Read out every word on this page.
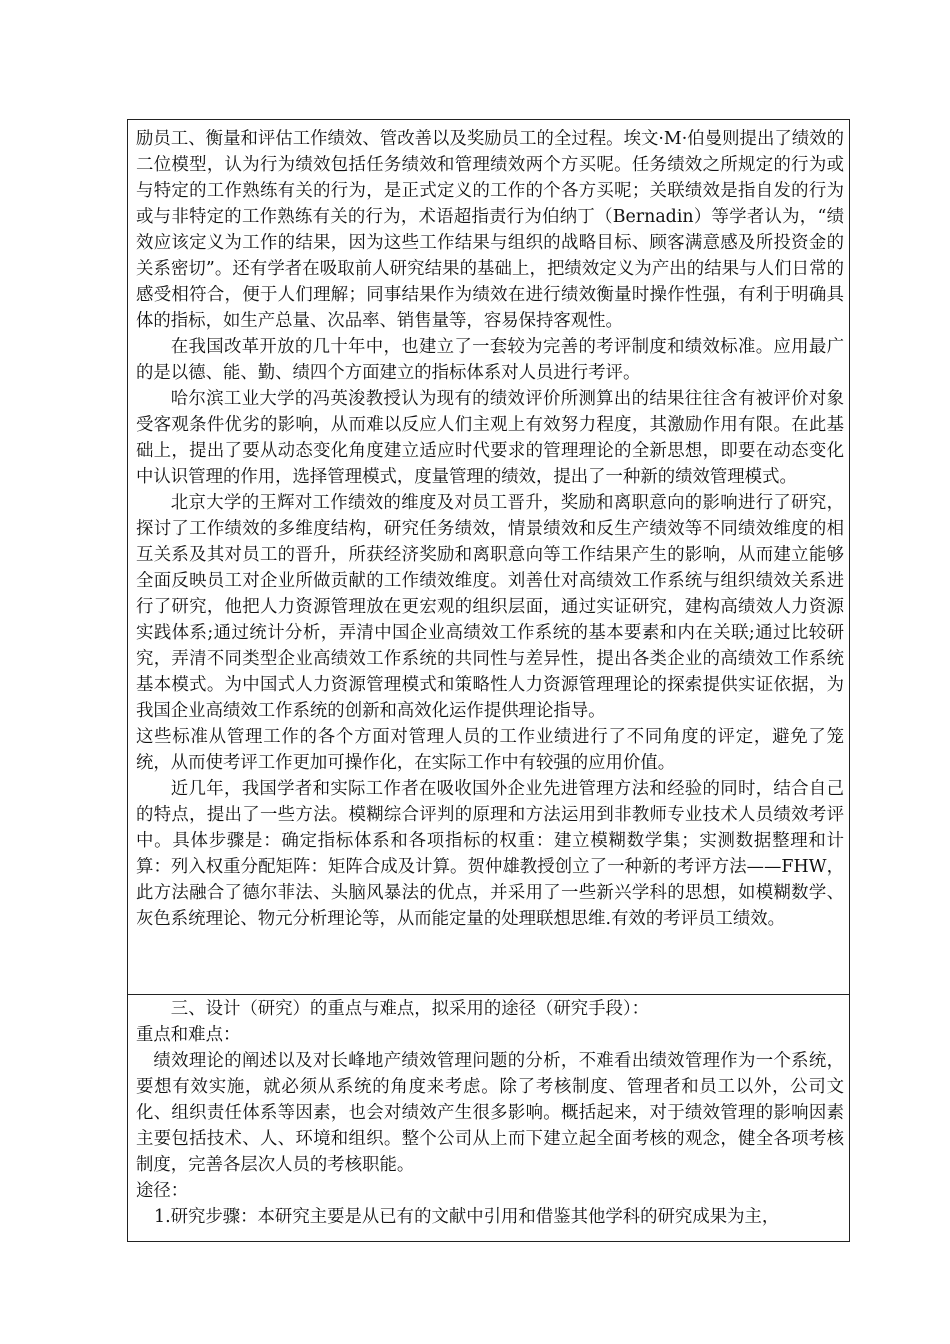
励员工、衡量和评估工作绩效、管改善以及奖励员工的全过程。埃文·M·伯曼则提出了绩效的二位模型，认为行为绩效包括任务绩效和管理绩效两个方买呢。任务绩效之所规定的行为或与特定的工作熟练有关的行为，是正式定义的工作的个各方买呢；关联绩效是指自发的行为或与非特定的工作熟练有关的行为，术语超指责行为伯纳丁（Bernadin）等学者认为，“绩效应该定义为工作的结果，因为这些工作结果与组织的战略目标、顾客满意感及所投资金的关系密切”。还有学者在吸取前人研究结果的基础上，把绩效定义为产出的结果与人们日常的感受相符合，便于人们理解；同事结果作为绩效在进行绩效衡量时操作性强，有利于明确具体的指标，如生产总量、次品率、销售量等，容易保持客观性。

在我国改革开放的几十年中，也建立了一套较为完善的考评制度和绩效标准。应用最广的是以德、能、勤、绩四个方面建立的指标体系对人员进行考评。

哈尔滨工业大学的冯英浚教授认为现有的绩效评价所测算出的结果往往含有被评价对象受客观条件优劣的影响，从而难以反应人们主观上有效努力程度，其激励作用有限。在此基础上，提出了要从动态变化角度建立适应时代要求的管理理论的全新思想，即要在动态变化中认识管理的作用，选择管理模式，度量管理的绩效，提出了一种新的绩效管理模式。

北京大学的王辉对工作绩效的维度及对员工晋升，奖励和离职意向的影响进行了研究，探讨了工作绩效的多维度结构，研究任务绩效，情景绩效和反生产绩效等不同绩效维度的相互关系及其对员工的晋升，所获经济奖励和离职意向等工作结果产生的影响，从而建立能够全面反映员工对企业所做贡献的工作绩效维度。刘善仕对高绩效工作系统与组织绩效关系进行了研究，他把人力资源管理放在更宏观的组织层面，通过实证研究，建构高绩效人力资源实践体系;通过统计分析，弄清中国企业高绩效工作系统的基本要素和内在关联;通过比较研究，弄清不同类型企业高绩效工作系统的共同性与差异性，提出各类企业的高绩效工作系统基本模式。为中国式人力资源管理模式和策略性人力资源管理理论的探索提供实证依据，为我国企业高绩效工作系统的创新和高效化运作提供理论指导。

这些标准从管理工作的各个方面对管理人员的工作业绩进行了不同角度的评定，避免了笼统，从而使考评工作更加可操作化，在实际工作中有较强的应用价值。

近几年，我国学者和实际工作者在吸收国外企业先进管理方法和经验的同时，结合自己的特点，提出了一些方法。模糊综合评判的原理和方法运用到非教师专业技术人员绩效考评中。具体步骤是：确定指标体系和各项指标的权重：建立模糊数学集；实测数据整理和计算：列入权重分配矩阵：矩阵合成及计算。贺仲雄教授创立了一种新的考评方法——FHW，此方法融合了德尔菲法、头脑风暴法的优点，并采用了一些新兴学科的思想，如模糊数学、灰色系统理论、物元分析理论等，从而能定量的处理联想思维.有效的考评员工绩效。

三、设计（研究）的重点与难点，拟采用的途径（研究手段）：

重点和难点：

绩效理论的阐述以及对长峰地产绩效管理问题的分析，不难看出绩效管理作为一个系统，要想有效实施，就必须从系统的角度来考虑。除了考核制度、管理者和员工以外，公司文化、组织责任体系等因素，也会对绩效产生很多影响。概括起来，对于绩效管理的影响因素主要包括技术、人、环境和组织。整个公司从上而下建立起全面考核的观念，健全各项考核制度，完善各层次人员的考核职能。

途径：

1.研究步骤：本研究主要是从已有的文献中引用和借鉴其他学科的研究成果为主，
